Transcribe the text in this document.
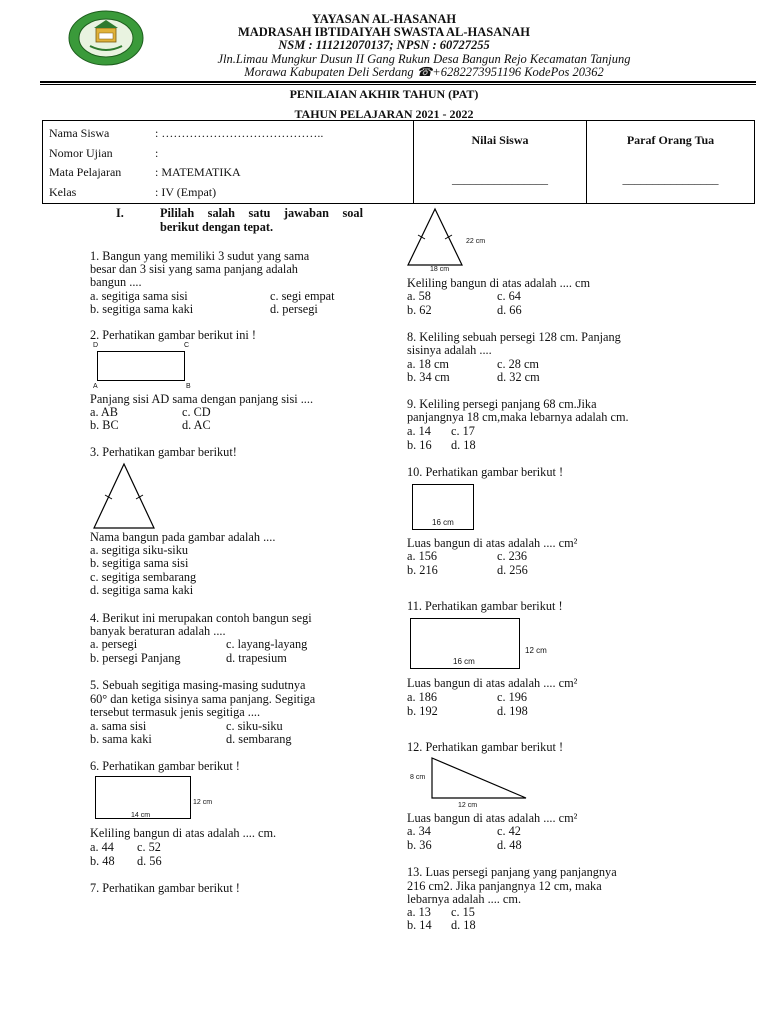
YAYASAN AL-HASANAH
MADRASAH IBTIDAIYAH SWASTA AL-HASANAH
NSM : 111212070137; NPSN : 60727255
Jln.Limau Mungkur Dusun II Gang Rukun Desa Bangun Rejo Kecamatan Tanjung
Morawa Kabupaten Deli Serdang ☎+6282273951196 KodePos 20362
PENILAIAN AKHIR TAHUN (PAT)
TAHUN PELAJARAN 2021 - 2022
Nama Siswa	: …………………………………..
Nomor Ujian	:
Mata Pelajaran	: MATEMATIKA
Kelas	: IV (Empat)

Nilai Siswa
________________

Paraf Orang Tua
________________
I.	Pililah salah satu jawaban soal
berikut dengan tepat.
1. Bangun yang memiliki 3 sudut yang sama
besar dan 3 sisi yang sama panjang adalah
bangun ....
a. segitiga sama sisi	c. segi empat
b. segitiga sama kaki	d. persegi
2. Perhatikan gambar berikut ini !
D	C
A	B
Panjang sisi AD sama dengan panjang sisi ....
a. AB	c. CD
b. BC	d. AC
3. Perhatikan gambar berikut!
Nama bangun pada gambar adalah ....
a. segitiga siku-siku
b. segitiga sama sisi
c. segitiga sembarang
d. segitiga sama kaki
4. Berikut ini merupakan contoh bangun segi
banyak beraturan adalah ....
a. persegi	c. layang-layang
b. persegi Panjang	d. trapesium
5. Sebuah segitiga masing-masing sudutnya
60° dan ketiga sisinya sama panjang. Segitiga
tersebut termasuk jenis segitiga ....
a. sama sisi	c. siku-siku
b. sama kaki	d. sembarang
6. Perhatikan gambar berikut !
14 cm
12 cm
Keliling bangun di atas adalah .... cm.
a. 44 c. 52
b. 48 d. 56
7. Perhatikan gambar berikut !
22 cm
18 cm
Keliling bangun di atas adalah .... cm
a. 58	c. 64
b. 62	d. 66
8. Keliling sebuah persegi 128 cm. Panjang
sisinya adalah ....
a. 18 cm	c. 28 cm
b. 34 cm	d. 32 cm
9. Keliling persegi panjang 68 cm.Jika
panjangnya 18 cm,maka lebarnya adalah cm.
a. 14 c. 17
b. 16 d. 18
10. Perhatikan gambar berikut !
16 cm
Luas bangun di atas adalah .... cm²
a. 156	c. 236
b. 216	d. 256
11. Perhatikan gambar berikut !
16 cm
12 cm
Luas bangun di atas adalah .... cm²
a. 186	c. 196
b. 192	d. 198
12. Perhatikan gambar berikut !
8 cm
12 cm
Luas bangun di atas adalah .... cm²
a. 34	c. 42
b. 36	d. 48
13. Luas persegi panjang yang panjangnya
216 cm2. Jika panjangnya 12 cm, maka
lebarnya adalah .... cm.
a. 13 c. 15
b. 14 d. 18
